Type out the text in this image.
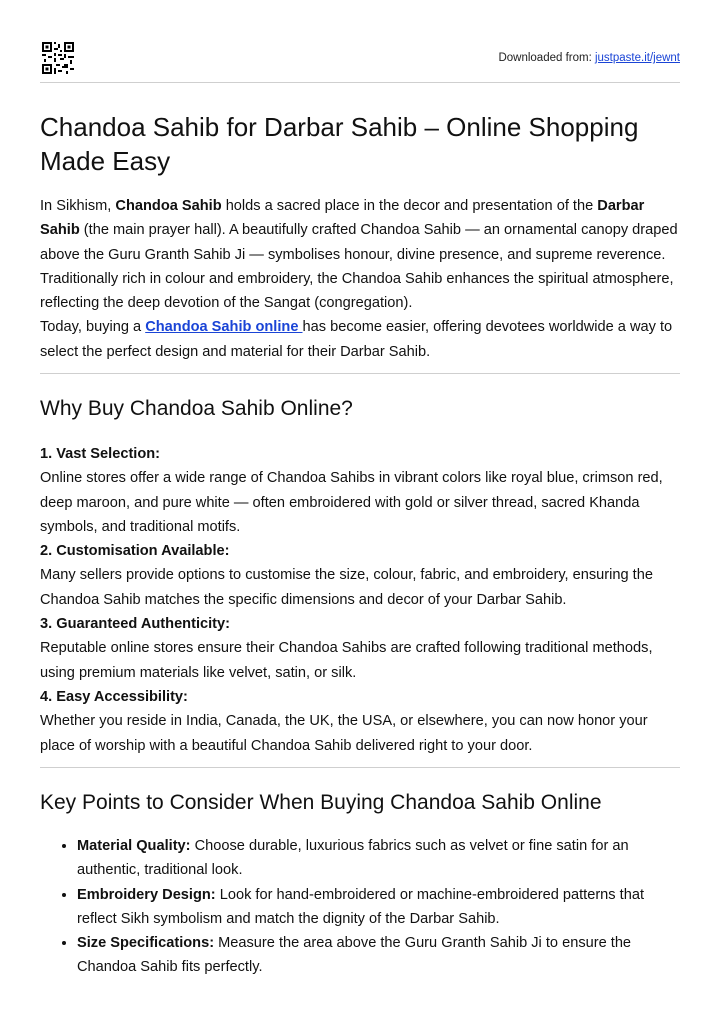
Downloaded from: justpaste.it/jewnt
Chandoa Sahib for Darbar Sahib – Online Shopping Made Easy

In Sikhism, Chandoa Sahib holds a sacred place in the decor and presentation of the Darbar Sahib (the main prayer hall). A beautifully crafted Chandoa Sahib — an ornamental canopy draped above the Guru Granth Sahib Ji — symbolises honour, divine presence, and supreme reverence. Traditionally rich in colour and embroidery, the Chandoa Sahib enhances the spiritual atmosphere, reflecting the deep devotion of the Sangat (congregation).
Today, buying a Chandoa Sahib online has become easier, offering devotees worldwide a way to select the perfect design and material for their Darbar Sahib.

Why Buy Chandoa Sahib Online?

1. Vast Selection:

Online stores offer a wide range of Chandoa Sahibs in vibrant colors like royal blue, crimson red, deep maroon, and pure white — often embroidered with gold or silver thread, sacred Khanda symbols, and traditional motifs.

2. Customisation Available:

Many sellers provide options to customise the size, colour, fabric, and embroidery, ensuring the Chandoa Sahib matches the specific dimensions and decor of your Darbar Sahib.

3. Guaranteed Authenticity:

Reputable online stores ensure their Chandoa Sahibs are crafted following traditional methods, using premium materials like velvet, satin, or silk.

4. Easy Accessibility:

Whether you reside in India, Canada, the UK, the USA, or elsewhere, you can now honor your place of worship with a beautiful Chandoa Sahib delivered right to your door.

Key Points to Consider When Buying Chandoa Sahib Online
• Material Quality: Choose durable, luxurious fabrics such as velvet or fine satin for an authentic, traditional look.
• Embroidery Design: Look for hand-embroidered or machine-embroidered patterns that reflect Sikh symbolism and match the dignity of the Darbar Sahib.
• Size Specifications: Measure the area above the Guru Granth Sahib Ji to ensure the Chandoa Sahib fits perfectly.
